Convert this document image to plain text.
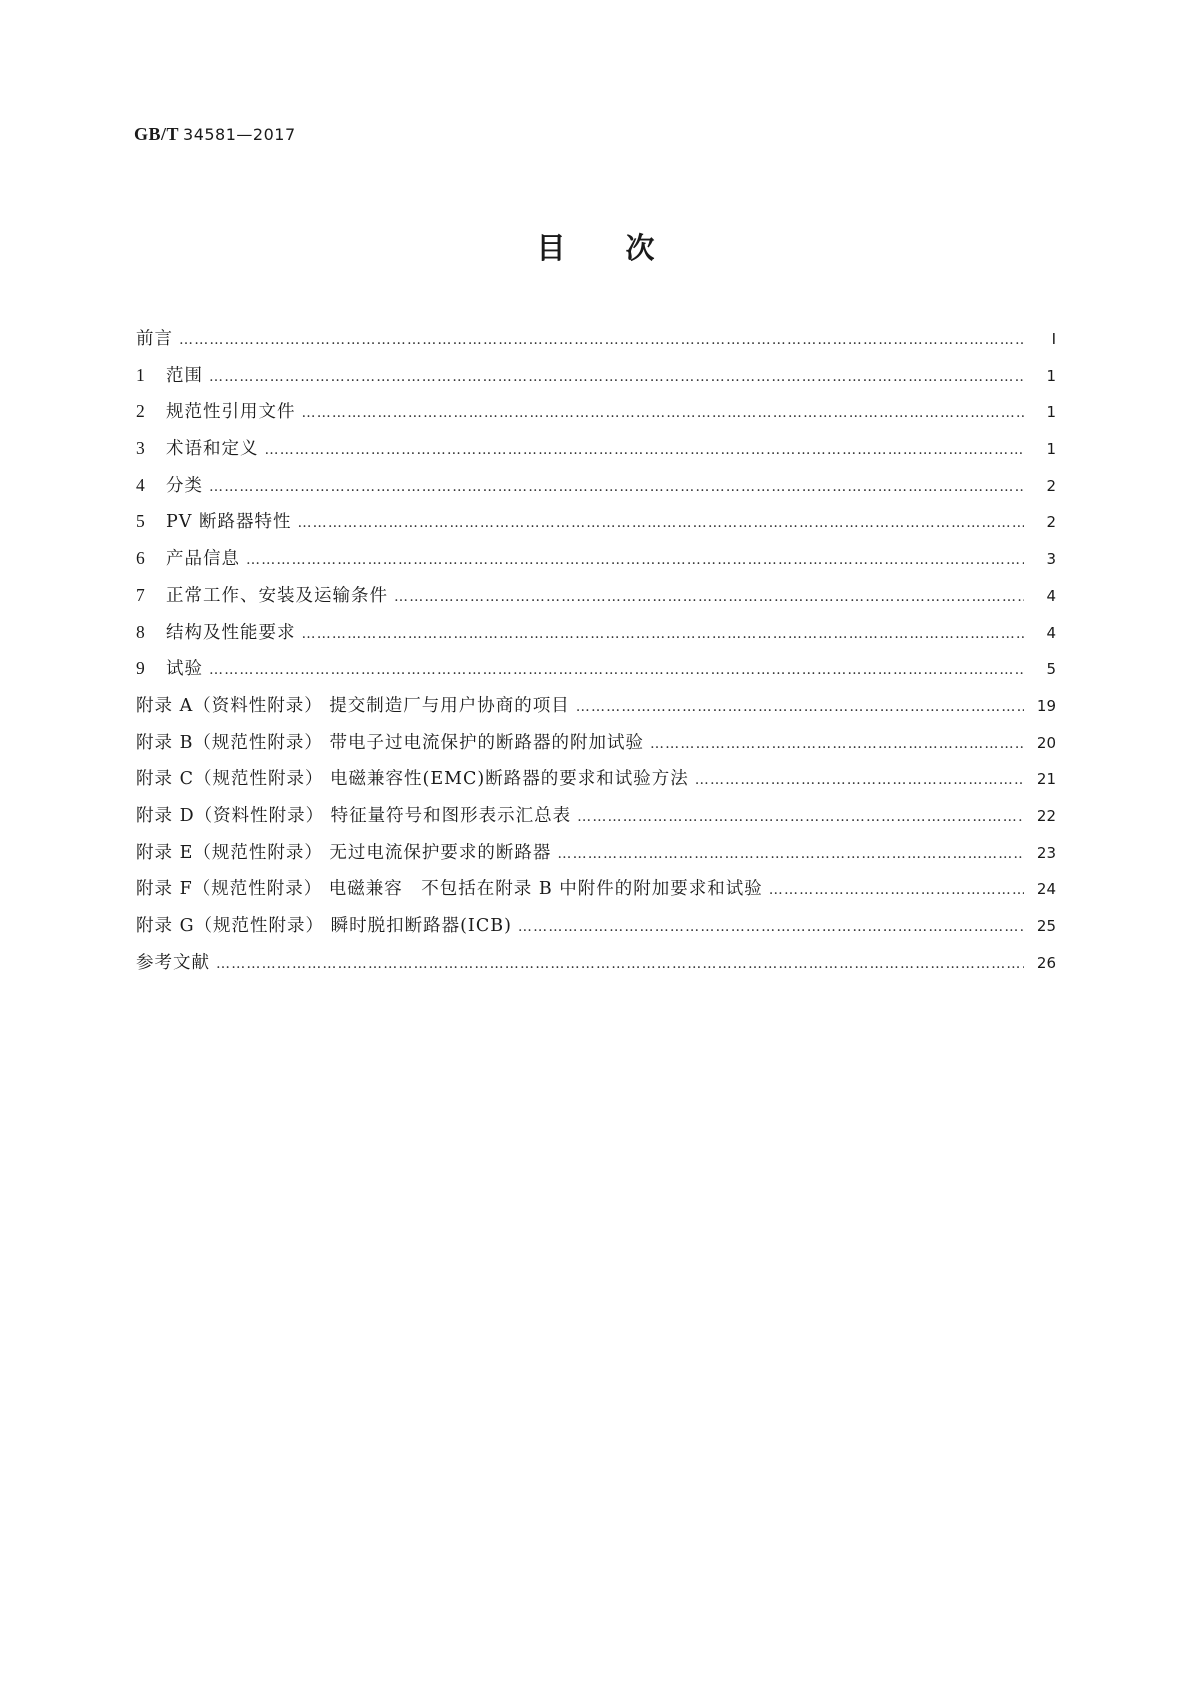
GB/T 34581—2017
目 次
前言 ……………………………………………………………………………………………………………………………………………………………………………………………………………………………………………………………	Ⅰ
1 范围 ……………………………………………………………………………………………………………………………………………………………………………………………………………………………………………………………	1
2 规范性引用文件 ……………………………………………………………………………………………………………………………………………………………………………………………………………………………………………………………	1
3 术语和定义 ……………………………………………………………………………………………………………………………………………………………………………………………………………………………………………………………	1
4 分类 ……………………………………………………………………………………………………………………………………………………………………………………………………………………………………………………………	2
5 PV 断路器特性 ……………………………………………………………………………………………………………………………………………………………………………………………………………………………………………………………	2
6 产品信息 ……………………………………………………………………………………………………………………………………………………………………………………………………………………………………………………………	3
7 正常工作、安装及运输条件 ……………………………………………………………………………………………………………………………………………………………………………………………………………………………………………………………	4
8 结构及性能要求 ……………………………………………………………………………………………………………………………………………………………………………………………………………………………………………………………	4
9 试验 ……………………………………………………………………………………………………………………………………………………………………………………………………………………………………………………………	5
附录 A（资料性附录） 提交制造厂与用户协商的项目 ……………………………………………………………………………………………………………………………………………………………………………………………………………………………………………………………	19
附录 B（规范性附录） 带电子过电流保护的断路器的附加试验 ……………………………………………………………………………………………………………………………………………………………………………………………………………………………………………………………	20
附录 C（规范性附录） 电磁兼容性(EMC)断路器的要求和试验方法 ……………………………………………………………………………………………………………………………………………………………………………………………………………………………………………………………	21
附录 D（资料性附录） 特征量符号和图形表示汇总表 ……………………………………………………………………………………………………………………………………………………………………………………………………………………………………………………………	22
附录 E（规范性附录） 无过电流保护要求的断路器 ……………………………………………………………………………………………………………………………………………………………………………………………………………………………………………………………	23
附录 F（规范性附录） 电磁兼容　不包括在附录 B 中附件的附加要求和试验 ……………………………………………………………………………………………………………………………………………………………………………………………………………………………………………………………	24
附录 G（规范性附录） 瞬时脱扣断路器(ICB) ……………………………………………………………………………………………………………………………………………………………………………………………………………………………………………………………	25
参考文献 ……………………………………………………………………………………………………………………………………………………………………………………………………………………………………………………………	26
